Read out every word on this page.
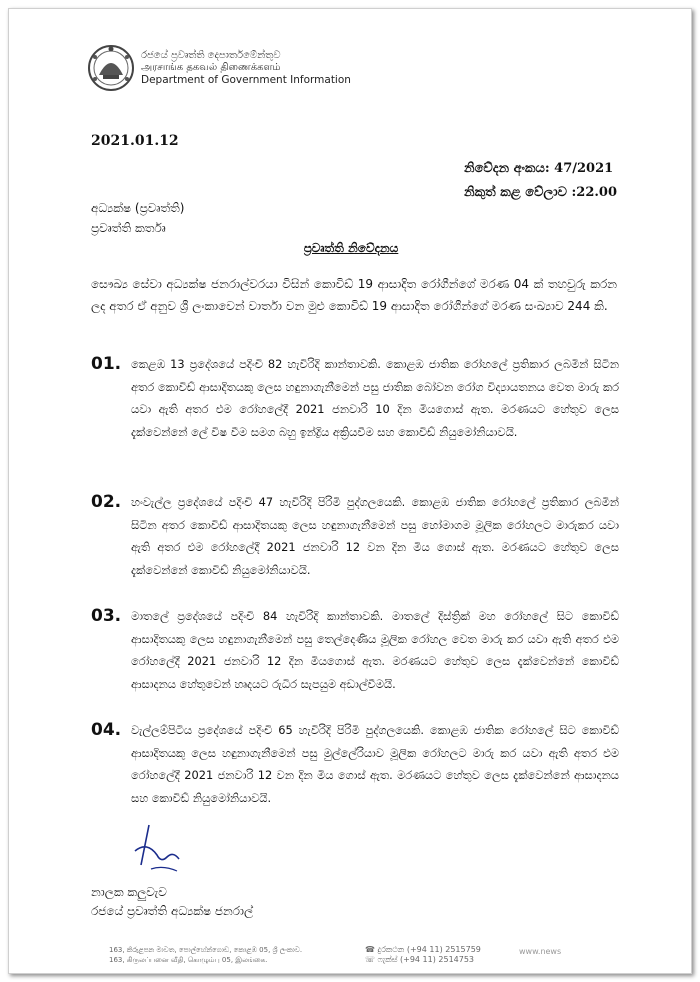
රජයේ ප්‍රවෘත්ති දෙපාර්තමේන්තුව
அரசாங்க தகவல் திணைக்களம்
Department of Government Information
2021.01.12
නිවේදන අංකය: 47/2021
නිකුත් කළ වේලාව :22.00
අධ්‍යක්ෂ (ප්‍රවෘත්ති)
ප්‍රවෘත්ති කර්තෘ
ප්‍රවෘත්ති නිවේදනය

සෞඛ්‍ය සේවා අධ්‍යක්ෂ ජනරාල්වරයා විසින් කොවිඩ් 19 ආසාදිත රෝගීන්ගේ මරණ 04 ක් තහවුරු කරන ලද අතර ඒ අනුව ශ්‍රී ලංකාවෙන් වාර්තා වන මුළු කොවිඩ් 19 ආසාදිත රෝගීන්ගේ මරණ සංඛ්‍යාව 244 කි.

01. කෙළඹ 13 ප්‍රදේශයේ පදිංචි 82 හැවිරිදි කාන්තාවකි. කොළඹ ජාතික රෝහලේ ප්‍රතිකාර ලබමින් සිටින අතර කොවිඩ් ආසාදිතයකු ලෙස හඳුනාගැනීමෙන් පසු ජාතික බෝවන රෝග විද්‍යායතනය වෙත මාරු කර යවා ඇති අතර එම රෝහලේදී 2021 ජනවාරි 10 දින මියගොස් ඇත. මරණයට හේතුව ලෙස දැක්වෙන්නේ ලේ විෂ වීම සමග බහු ඉන්ද්‍රිය අක්‍රියවීම සහ කොවිඩ් නියුමෝනියාවයි.
02. හංවැල්ල ප්‍රදේශයේ පදිංචි 47 හැවිරිදි පිරිමි පුද්ගලයෙකි. කොළඹ ජාතික රෝහලේ ප්‍රතිකාර ලබමින් සිටින අතර කොවිඩ් ආසාදිතයකු ලෙස හඳුනාගැනීමෙන් පසු හෝමාගම මූලික රෝහලට මාරුකර යවා ඇති අතර එම රෝහලේදී 2021 ජනවාරි 12 වන දින මිය ගොස් ඇත. මරණයට හේතුව ලෙස දැක්වෙන්නේ කොවිඩ් නියුමෝනියාවයි.
03. මාතලේ ප්‍රදේශයේ පදිංචි 84 හැවිරිදි කාන්තාවකි. මාතලේ දිස්ත්‍රික් මහ රෝහලේ සිට කොවිඩ් ආසාදිතයකු ලෙස හඳුනාගැනීමෙන් පසු තෙල්දෙණිය මූලික රෝහල වෙත මාරු කර යවා ඇති අතර එම රෝහලේදී 2021 ජනවාරි 12 දින මියගොස් ඇත. මරණයට හේතුව ලෙස දැක්වෙන්නේ කොවිඩ් ආසාදනය හේතුවෙන් හෘදයට රුධිර සැපයුම අඩාල්වීමයි.
04. වැල්ලම්පිටිය ප්‍රදේශයේ පදිංචි 65 හැවිරිදි පිරිමි පුද්ගලයෙකි. කොළඹ ජාතික රෝහලේ සිට කොවිඩ් ආසාදිතයකු ලෙස හඳුනාගැනීමෙන් පසු මුල්ලේරියාව මූලික රෝහලට මාරු කර යවා ඇති අතර එම රෝහලේදී 2021 ජනවාරි 12 වන දින මිය ගොස් ඇත. මරණයට හේතුව ලෙස දැක්වෙන්නේ ආසාදනය සහ කොවිඩ් නියුමෝනියාවයි.
නාලක කලුවැව
රජයේ ප්‍රවෘත්ති අධ්‍යක්ෂ ජනරාල්
163, කිරුළපන මාවත, පොල්හේන්ගොඩ, කොළඹ 05, ශ්‍රී ලංකාව.
163, கிருலப்பனை வீதி, கொழும்பு 05, இலங்கை.
☎ දුරකථන (+94 11) 2515759
☏ ෆැක්ස් (+94 11) 2514753
www.news
